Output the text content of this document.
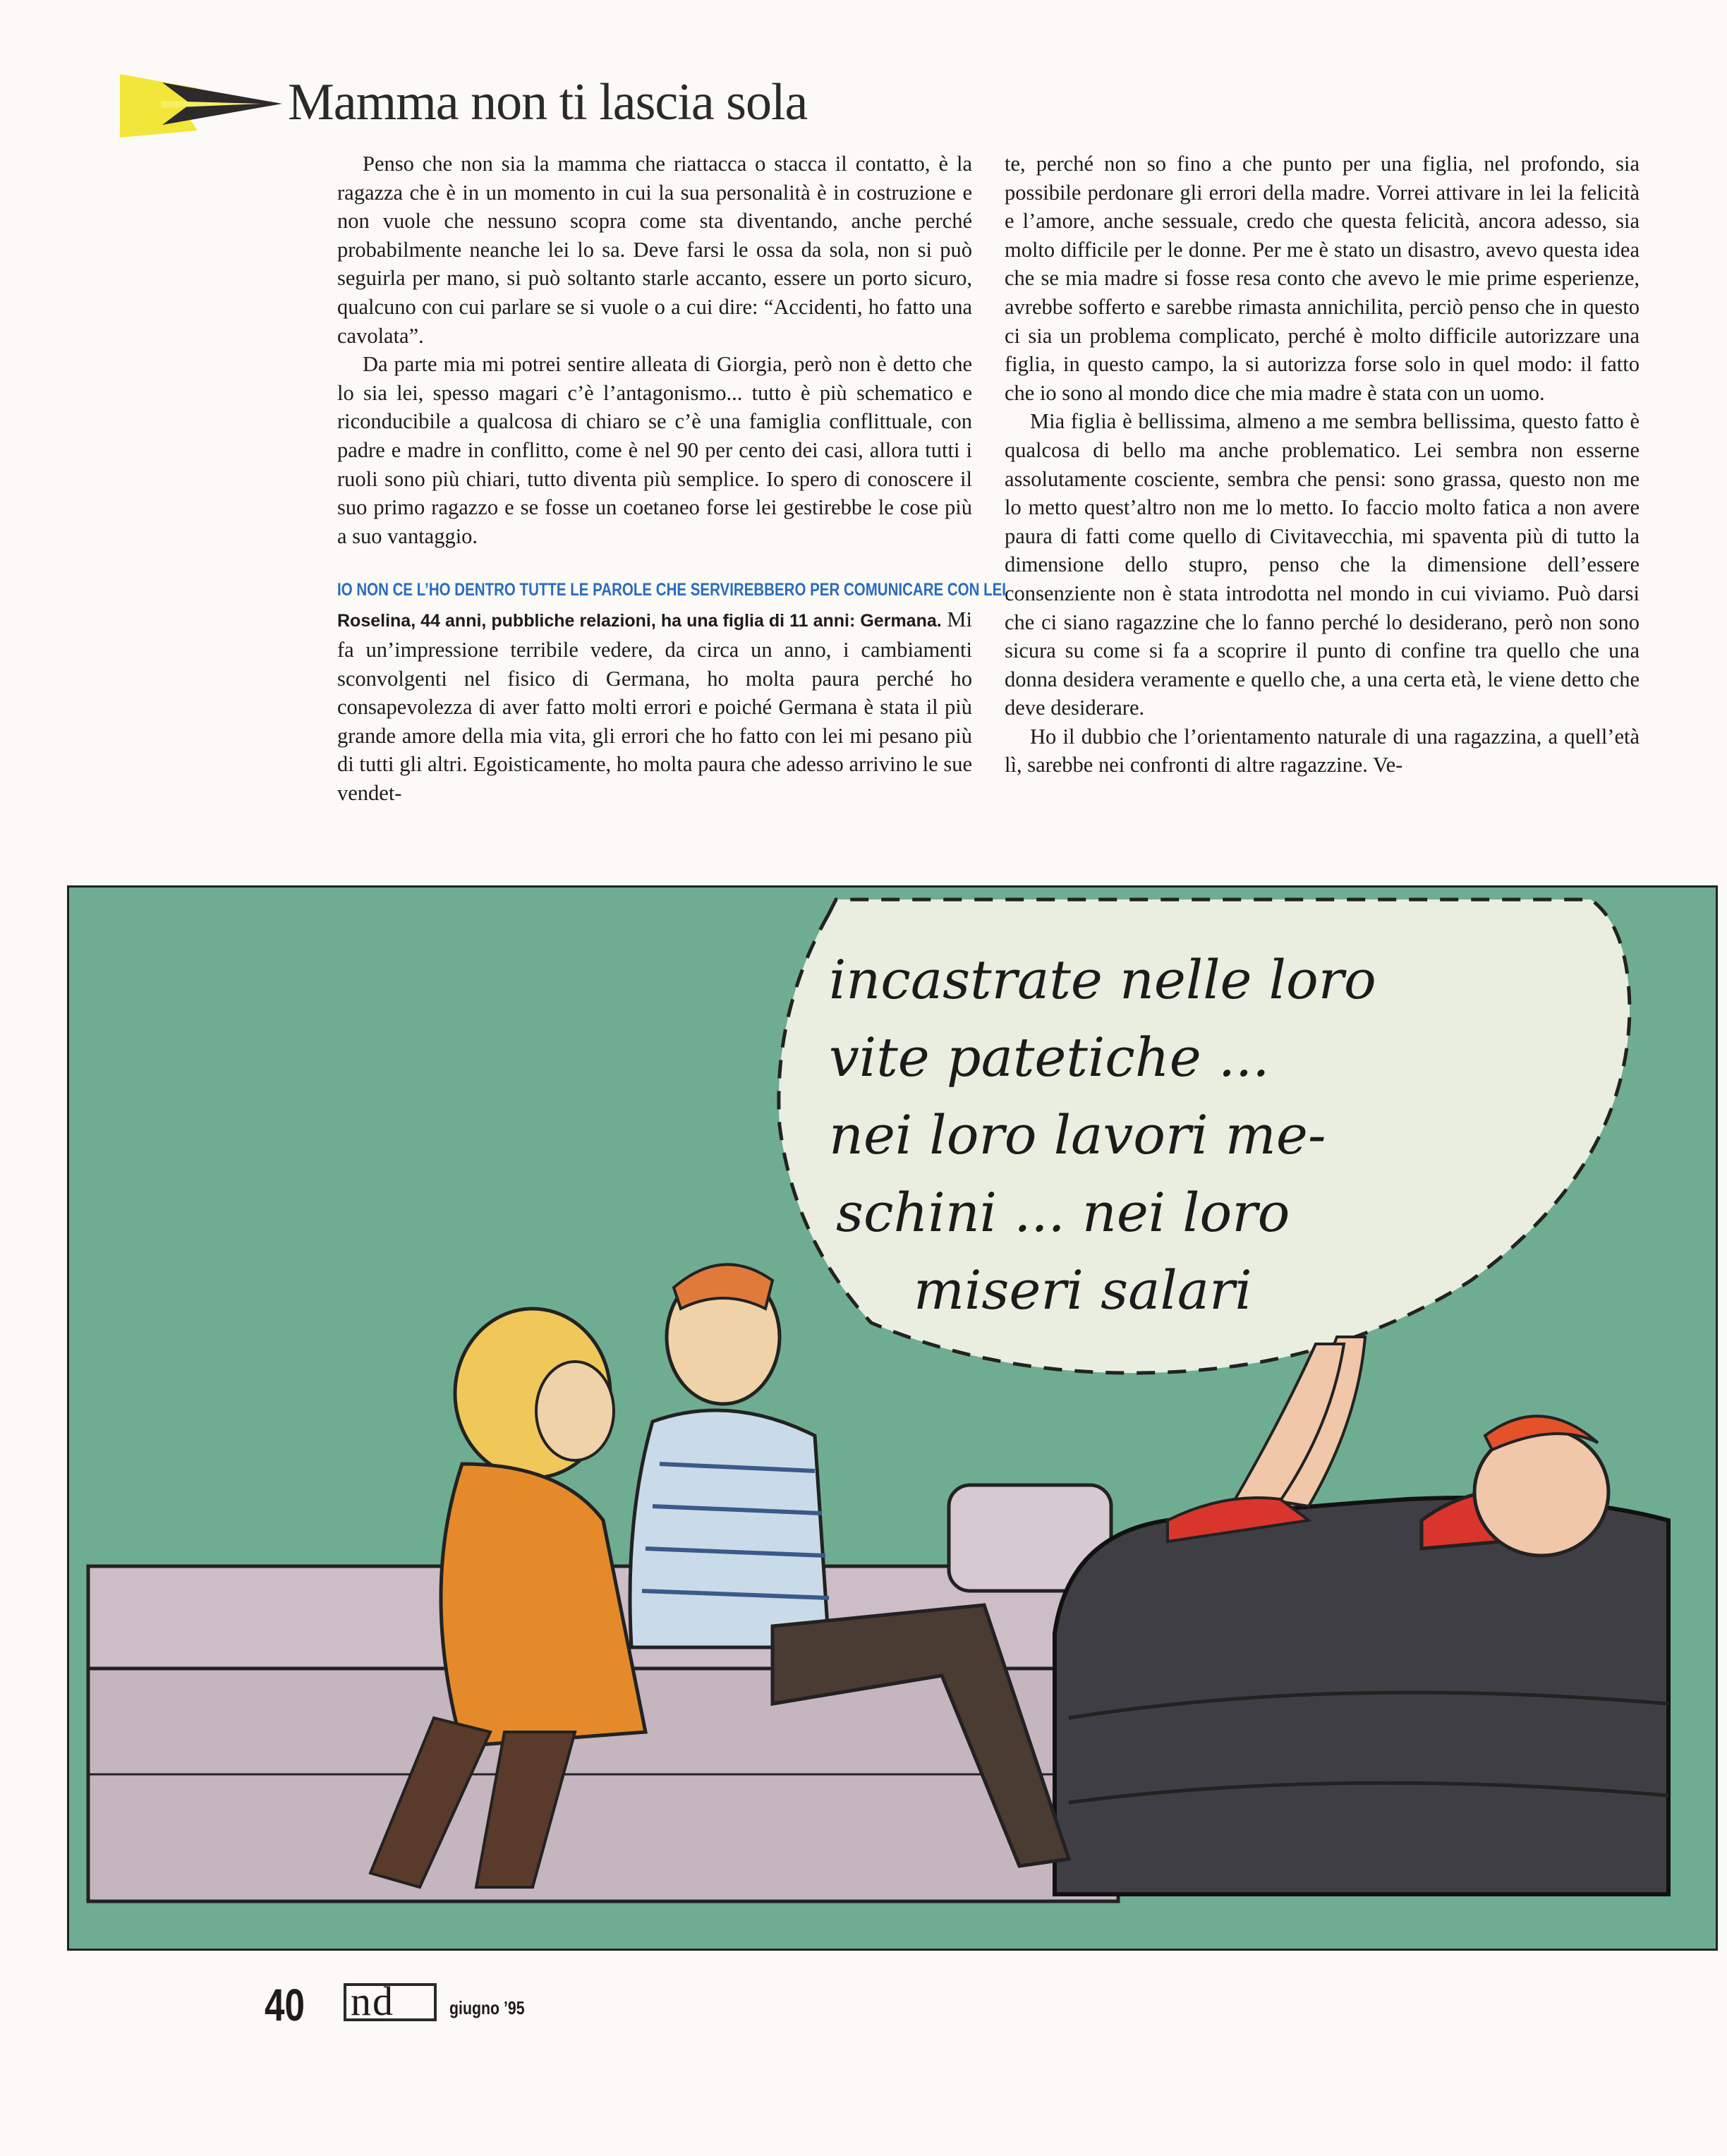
Mamma non ti lascia sola

Penso che non sia la mamma che riattacca o stacca il contatto, è la ragazza che è in un momento in cui la sua personalità è in costruzione e non vuole che nessuno scopra come sta diventando, anche perché probabilmente neanche lei lo sa. Deve farsi le ossa da sola, non si può seguirla per mano, si può soltanto starle accanto, essere un porto sicuro, qualcuno con cui parlare se si vuole o a cui dire: “Accidenti, ho fatto una cavolata”.

Da parte mia mi potrei sentire alleata di Giorgia, però non è detto che lo sia lei, spesso magari c’è l’antagonismo... tutto è più schematico e riconducibile a qualcosa di chiaro se c’è una famiglia conflittuale, con padre e madre in conflitto, come è nel 90 per cento dei casi, allora tutti i ruoli sono più chiari, tutto diventa più semplice. Io spero di conoscere il suo primo ragazzo e se fosse un coetaneo forse lei gestirebbe le cose più a suo vantaggio.

IO NON CE L’HO DENTRO TUTTE LE PAROLE CHE SERVIREBBERO PER COMUNICARE CON LEI

Roselina, 44 anni, pubbliche relazioni, ha una figlia di 11 anni: Germana. Mi fa un’impressione terribile vedere, da circa un anno, i cambiamenti sconvolgenti nel fisico di Germana, ho molta paura perché ho consapevolezza di aver fatto molti errori e poiché Germana è stata il più grande amore della mia vita, gli errori che ho fatto con lei mi pesano più di tutti gli altri. Egoisticamente, ho molta paura che adesso arrivino le sue vendet-

te, perché non so fino a che punto per una figlia, nel profondo, sia possibile perdonare gli errori della madre. Vorrei attivare in lei la felicità e l’amore, anche sessuale, credo che questa felicità, ancora adesso, sia molto difficile per le donne. Per me è stato un disastro, avevo questa idea che se mia madre si fosse resa conto che avevo le mie prime esperienze, avrebbe sofferto e sarebbe rimasta annichilita, perciò penso che in questo ci sia un problema complicato, perché è molto difficile autorizzare una figlia, in questo campo, la si autorizza forse solo in quel modo: il fatto che io sono al mondo dice che mia madre è stata con un uomo.

Mia figlia è bellissima, almeno a me sembra bellissima, questo fatto è qualcosa di bello ma anche problematico. Lei sembra non esserne assolutamente cosciente, sembra che pensi: sono grassa, questo non me lo metto quest’altro non me lo metto. Io faccio molto fatica a non avere paura di fatti come quello di Civitavecchia, mi spaventa più di tutto la dimensione dello stupro, penso che la dimensione dell’essere consenziente non è stata introdotta nel mondo in cui viviamo. Può darsi che ci siano ragazzine che lo fanno perché lo desiderano, però non sono sicura su come si fa a scoprire il punto di confine tra quello che una donna desidera veramente e quello che, a una certa età, le viene detto che deve desiderare.

Ho il dubbio che l’orientamento naturale di una ragazzina, a quell’età lì, sarebbe nei confronti di altre ragazzine. Ve-

incastrate nelle loro
vite patetiche ...
nei loro lavori me-
schini ... nei loro
miseri salari
40 nd	giugno ’95
